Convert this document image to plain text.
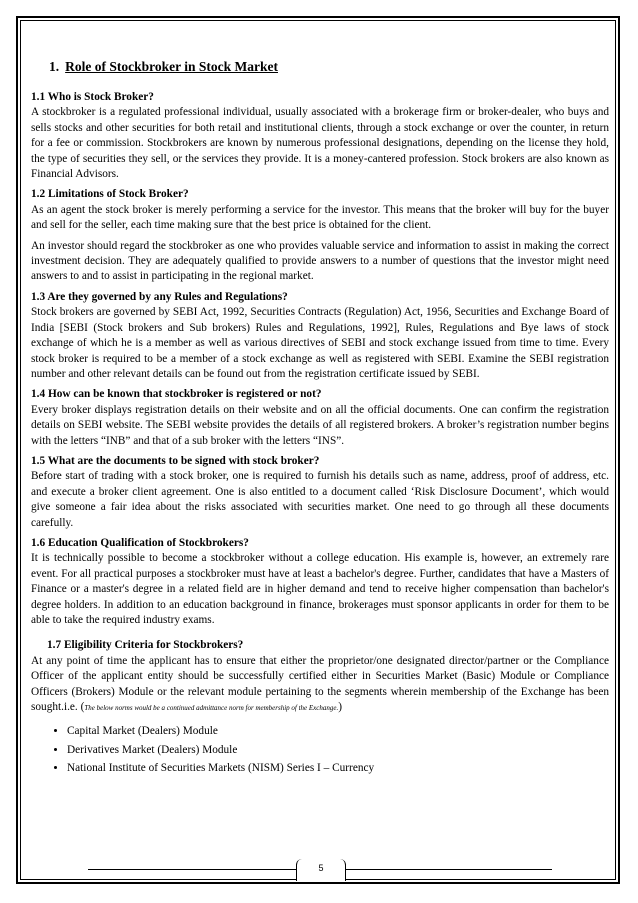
1. Role of Stockbroker in Stock Market
1.1 Who is Stock Broker?

A stockbroker is a regulated professional individual, usually associated with a brokerage firm or broker-dealer, who buys and sells stocks and other securities for both retail and institutional clients, through a stock exchange or over the counter, in return for a fee or commission. Stockbrokers are known by numerous professional designations, depending on the license they hold, the type of securities they sell, or the services they provide. It is a money-cantered profession. Stock brokers are also known as Financial Advisors.

1.2 Limitations of Stock Broker?

As an agent the stock broker is merely performing a service for the investor. This means that the broker will buy for the buyer and sell for the seller, each time making sure that the best price is obtained for the client.

An investor should regard the stockbroker as one who provides valuable service and information to assist in making the correct investment decision. They are adequately qualified to provide answers to a number of questions that the investor might need answers to and to assist in participating in the regional market.

1.3 Are they governed by any Rules and Regulations?

Stock brokers are governed by SEBI Act, 1992, Securities Contracts (Regulation) Act, 1956, Securities and Exchange Board of India [SEBI (Stock brokers and Sub brokers) Rules and Regulations, 1992], Rules, Regulations and Bye laws of stock exchange of which he is a member as well as various directives of SEBI and stock exchange issued from time to time. Every stock broker is required to be a member of a stock exchange as well as registered with SEBI. Examine the SEBI registration number and other relevant details can be found out from the registration certificate issued by SEBI.

1.4 How can be known that stockbroker is registered or not?

Every broker displays registration details on their website and on all the official documents. One can confirm the registration details on SEBI website. The SEBI website provides the details of all registered brokers. A broker’s registration number begins with the letters “INB” and that of a sub broker with the letters “INS”.

1.5 What are the documents to be signed with stock broker?

Before start of trading with a stock broker, one is required to furnish his details such as name, address, proof of address, etc. and execute a broker client agreement. One is also entitled to a document called ‘Risk Disclosure Document’, which would give someone a fair idea about the risks associated with securities market. One need to go through all these documents carefully.

1.6 Education Qualification of Stockbrokers?

It is technically possible to become a stockbroker without a college education. His example is, however, an extremely rare event. For all practical purposes a stockbroker must have at least a bachelor's degree. Further, candidates that have a Masters of Finance or a master's degree in a related field are in higher demand and tend to receive higher compensation than bachelor's degree holders. In addition to an education background in finance, brokerages must sponsor applicants in order for them to be able to take the required industry exams.

1.7 Eligibility Criteria for Stockbrokers?

At any point of time the applicant has to ensure that either the proprietor/one designated director/partner or the Compliance Officer of the applicant entity should be successfully certified either in Securities Market (Basic) Module or Compliance Officers (Brokers) Module or the relevant module pertaining to the segments wherein membership of the Exchange has been sought.i.e. (The below norms would be a continued admittance norm for membership of the Exchange.)

• Capital Market (Dealers) Module
• Derivatives Market (Dealers) Module
• National Institute of Securities Markets (NISM) Series I – Currency
5
